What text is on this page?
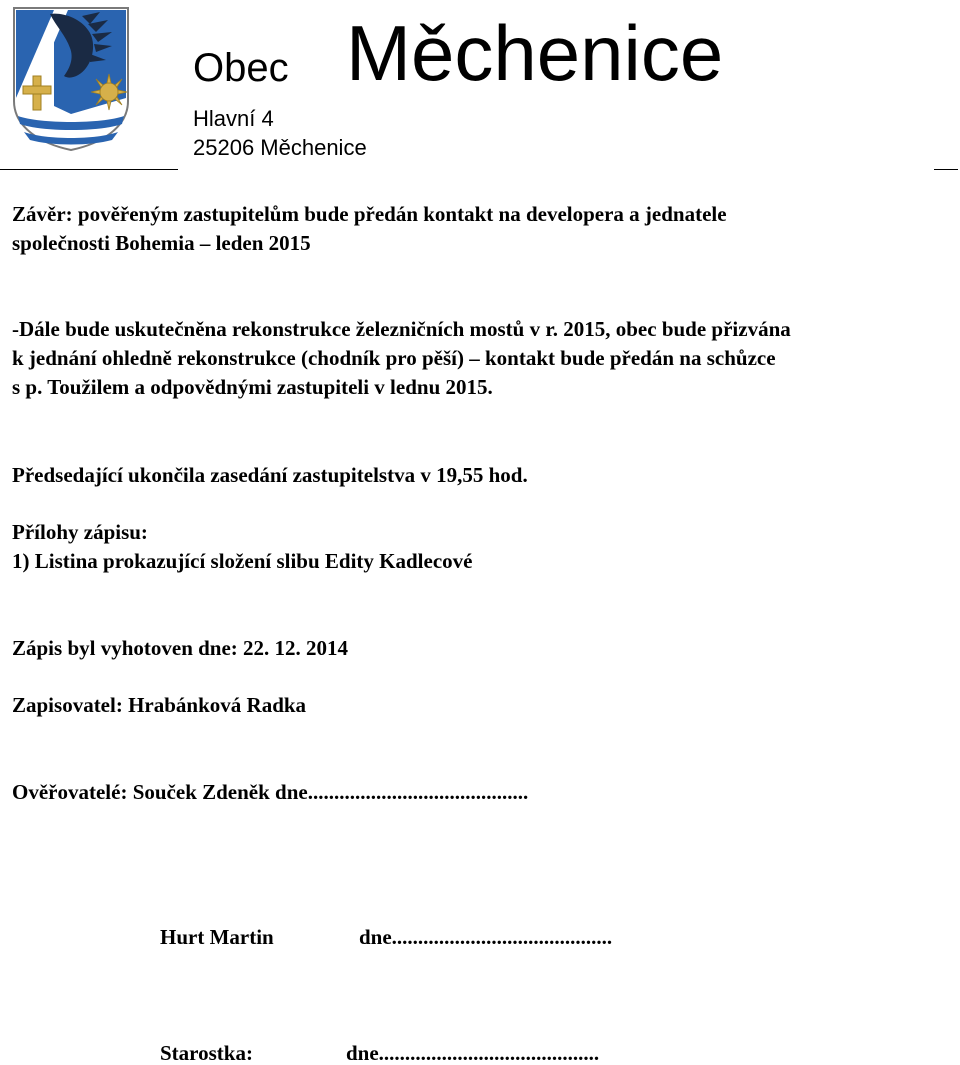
Obec Měchenice
Hlavní 4
25206 Měchenice
Závěr: pověřeným zastupitelům bude předán kontakt na developera a jednatele
společnosti Bohemia – leden 2015
-Dále bude uskutečněna rekonstrukce železničních mostů v r. 2015, obec bude přizvána
k jednání ohledně rekonstrukce (chodník pro pěší) – kontakt bude předán na schůzce
s p. Toužilem a odpovědnými zastupiteli v lednu 2015.
Předsedající ukončila zasedání zastupitelstva v 19,55 hod.
Přílohy zápisu:
1) Listina prokazující složení slibu Edity Kadlecové
Zápis byl vyhotoven dne: 22. 12. 2014
Zapisovatel: Hrabánková Radka
Ověřovatelé: Souček Zdeněk dne..........................................
Hurt Martin	dne..........................................
Starostka:	dne..........................................
